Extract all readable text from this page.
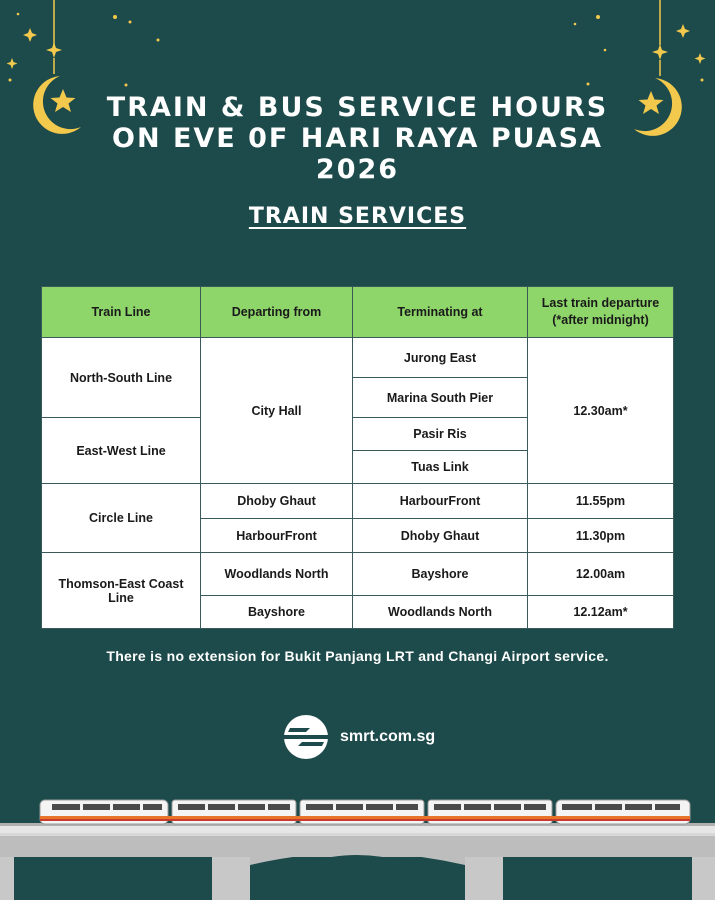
TRAIN & BUS SERVICE HOURS
ON EVE 0F HARI RAYA PUASA
2026
TRAIN SERVICES
Train Line	Departing from	Terminating at	Last train departure
(*after midnight)
North-South Line	City Hall	Jurong East	12.30am*
		Marina South Pier	
East-West Line		Pasir Ris	
		Tuas Link	
Circle Line	Dhoby Ghaut	HarbourFront	11.55pm
	HarbourFront	Dhoby Ghaut	11.30pm
Thomson-East Coast
Line	Woodlands North	Bayshore	12.00am
	Bayshore	Woodlands North	12.12am*
There is no extension for Bukit Panjang LRT and Changi Airport service.
smrt.com.sg
